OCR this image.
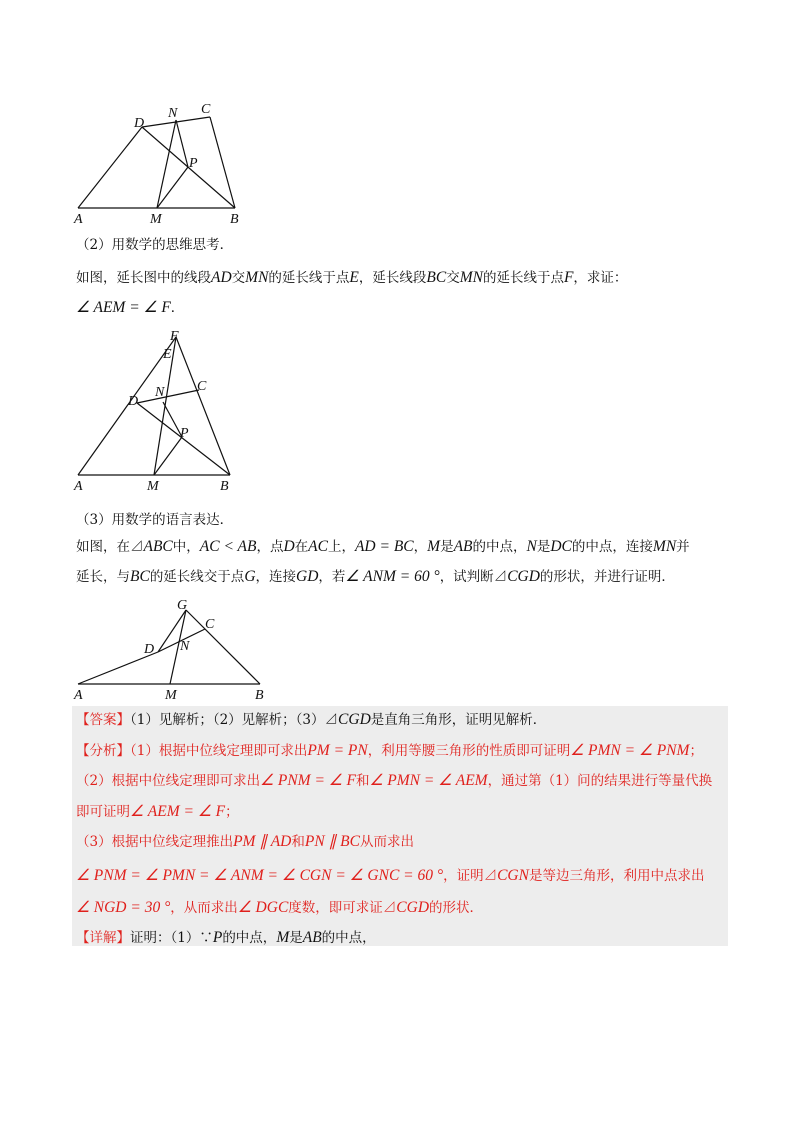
A	M	B
D
N C
P
（2）用数学的思维思考．
如图，延长图中的线段AD交MN的延长线于点E，延长线段BC交MN的延长线于点F，求证：
∠ AEM = ∠ F．
A	M	B
D
N C
P
E
F
（3）用数学的语言表达．
如图，在⊿ABC中，AC < AB，点D在AC上，AD = BC，M是AB的中点，N是DC的中点，连接MN并
延长，与BC的延长线交于点G，连接GD，若∠ ANM = 60 °，试判断⊿CGD的形状，并进行证明．
A	M	B
D N
C
G
【答案】（1）见解析；（2）见解析；（3）⊿CGD是直角三角形，证明见解析．
【分析】（1）根据中位线定理即可求出PM = PN，利用等腰三角形的性质即可证明∠ PMN = ∠ PNM；
（2）根据中位线定理即可求出∠ PNM = ∠ F和∠ PMN = ∠ AEM，通过第（1）问的结果进行等量代换
即可证明∠ AEM = ∠ F；
（3）根据中位线定理推出PM ∥ AD和PN ∥ BC从而求出
∠ PNM = ∠ PMN = ∠ ANM = ∠ CGN = ∠ GNC = 60 °，证明⊿CGN是等边三角形，利用中点求出
∠ NGD = 30 °，从而求出∠ DGC度数，即可求证⊿CGD的形状．
【详解】证明：（1）∵P的中点，M是AB的中点，
